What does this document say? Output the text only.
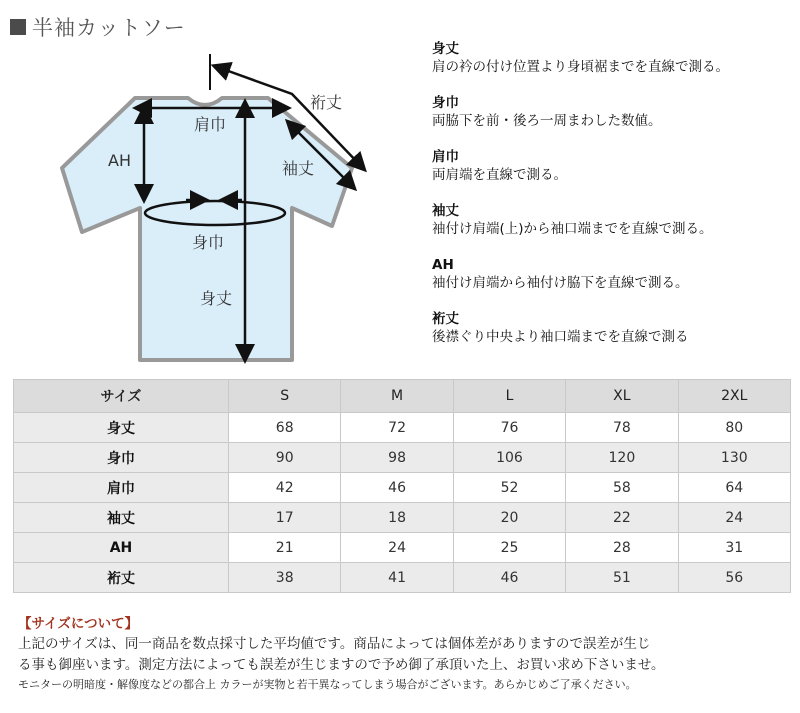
半袖カットソー
裄丈
肩巾
袖丈
AH
身巾
身丈
身丈
肩の衿の付け位置より身頃裾までを直線で測る。
身巾
両脇下を前・後ろ一周まわした数値。
肩巾
両肩端を直線で測る。
袖丈
袖付け肩端(上)から袖口端までを直線で測る。
AH
袖付け肩端から袖付け脇下を直線で測る。
裄丈
後襟ぐり中央より袖口端までを直線で測る
サイズ	S	M	L	XL	2XL
身丈	68	72	76	78	80
身巾	90	98	106	120	130
肩巾	42	46	52	58	64
袖丈	17	18	20	22	24
AH	21	24	25	28	31
裄丈	38	41	46	51	56
【サイズについて】
上記のサイズは、同一商品を数点採寸した平均値です。商品によっては個体差がありますので誤差が生じ
る事も御座います。測定方法によっても誤差が生じますので予め御了承頂いた上、お買い求め下さいませ。
モニターの明暗度・解像度などの都合上 カラーが実物と若干異なってしまう場合がございます。あらかじめご了承ください。
